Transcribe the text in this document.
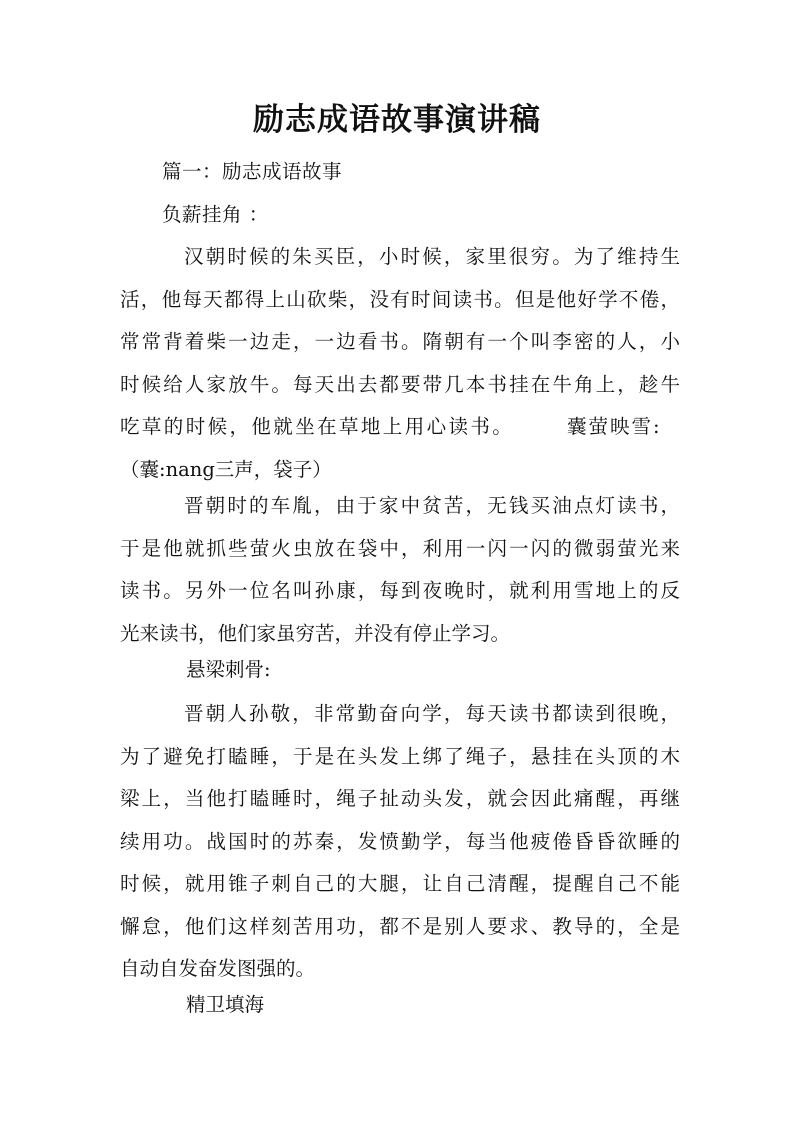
励志成语故事演讲稿
篇一：励志成语故事
负薪挂角 ：
汉朝时候的朱买臣，小时候，家里很穷。为了维持生
活，他每天都得上山砍柴，没有时间读书。但是他好学不倦，
常常背着柴一边走，一边看书。隋朝有一个叫李密的人，小
时候给人家放牛。每天出去都要带几本书挂在牛角上，趁牛
吃草的时候，他就坐在草地上用心读书。	囊萤映雪:
（囊:nang三声，袋子）
晋朝时的车胤，由于家中贫苦，无钱买油点灯读书，
于是他就抓些萤火虫放在袋中，利用一闪一闪的微弱萤光来
读书。另外一位名叫孙康，每到夜晚时，就利用雪地上的反
光来读书，他们家虽穷苦，并没有停止学习。
悬梁刺骨:
晋朝人孙敬，非常勤奋向学，每天读书都读到很晚，
为了避免打瞌睡，于是在头发上绑了绳子，悬挂在头顶的木
梁上，当他打瞌睡时，绳子扯动头发，就会因此痛醒，再继
续用功。战国时的苏秦，发愤勤学，每当他疲倦昏昏欲睡的
时候，就用锥子刺自己的大腿，让自己清醒，提醒自己不能
懈怠，他们这样刻苦用功，都不是别人要求、教导的，全是
自动自发奋发图强的。
精卫填海
